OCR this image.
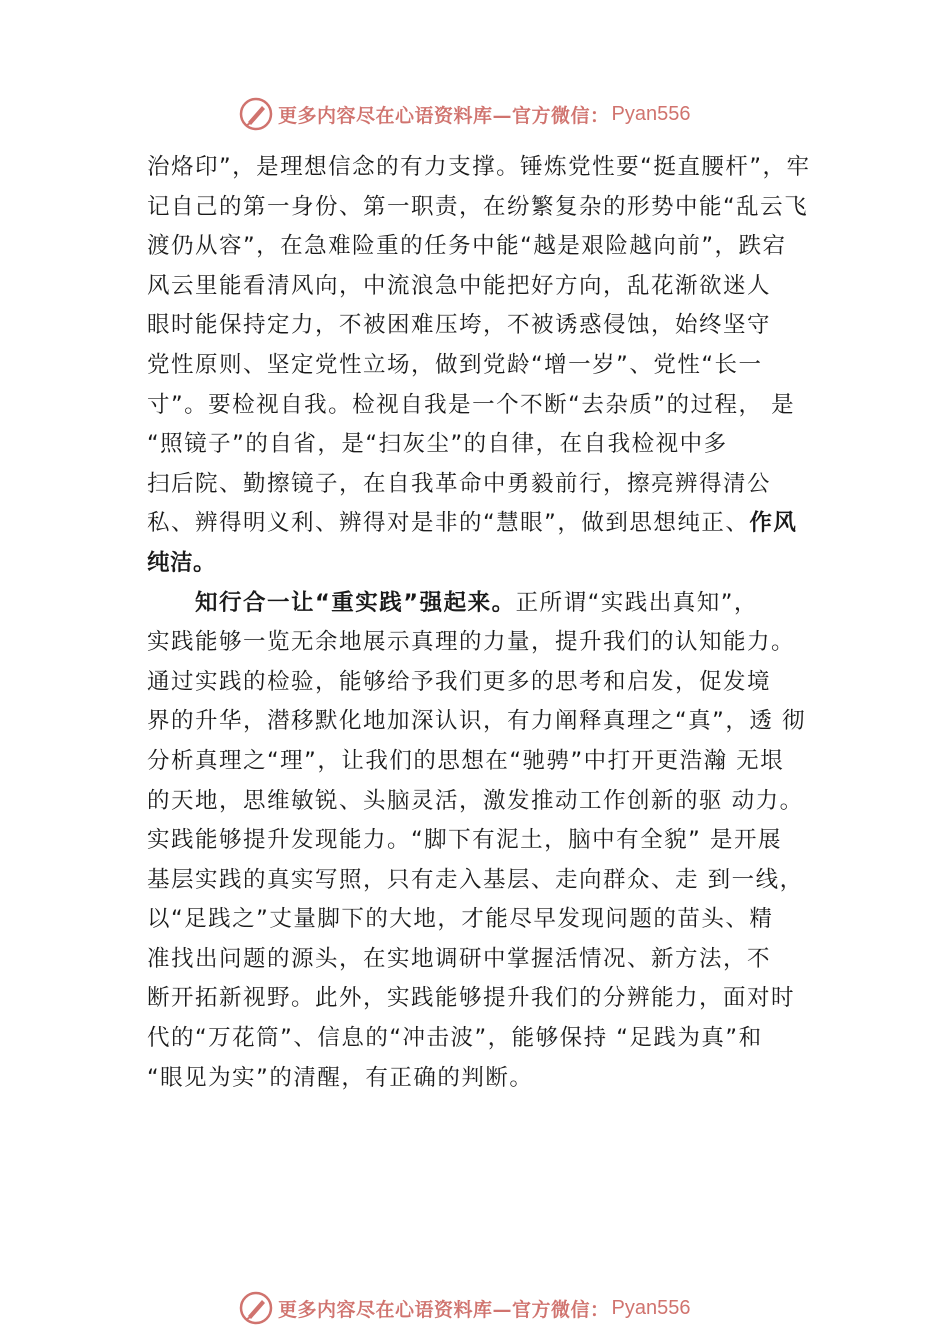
更多内容尽在心语资料库—官方微信： Pyan556
治烙印”，是理想信念的有力支撑。锤炼党性要“挺直腰杆”，牢
记自己的第一身份、第一职责，在纷繁复杂的形势中能“乱云飞
渡仍从容”，在急难险重的任务中能“越是艰险越向前”，跌宕
风云里能看清风向，中流浪急中能把好方向，乱花渐欲迷人
眼时能保持定力，不被困难压垮，不被诱惑侵蚀，始终坚守
党性原则、坚定党性立场，做到党龄“增一岁”、党性“长一
寸”。要检视自我。检视自我是一个不断“去杂质”的过程， 是
“照镜子”的自省，是“扫灰尘”的自律，在自我检视中多
扫后院、勤擦镜子，在自我革命中勇毅前行，擦亮辨得清公
私、辨得明义利、辨得对是非的“慧眼”，做到思想纯正、作风
纯洁。
知行合一让“重实践”强起来。正所谓“实践出真知”，
实践能够一览无余地展示真理的力量，提升我们的认知能力。
通过实践的检验，能够给予我们更多的思考和启发，促发境
界的升华，潜移默化地加深认识，有力阐释真理之“真”，透 彻
分析真理之“理”，让我们的思想在“驰骋”中打开更浩瀚 无垠
的天地，思维敏锐、头脑灵活，激发推动工作创新的驱 动力。
实践能够提升发现能力。“脚下有泥土，脑中有全貌” 是开展
基层实践的真实写照，只有走入基层、走向群众、走 到一线，
以“足践之”丈量脚下的大地，才能尽早发现问题的苗头、精
准找出问题的源头，在实地调研中掌握活情况、新方法，不
断开拓新视野。此外，实践能够提升我们的分辨能力，面对时
代的“万花筒”、信息的“冲击波”，能够保持 “足践为真”和
“眼见为实”的清醒，有正确的判断。
更多内容尽在心语资料库—官方微信： Pyan556
